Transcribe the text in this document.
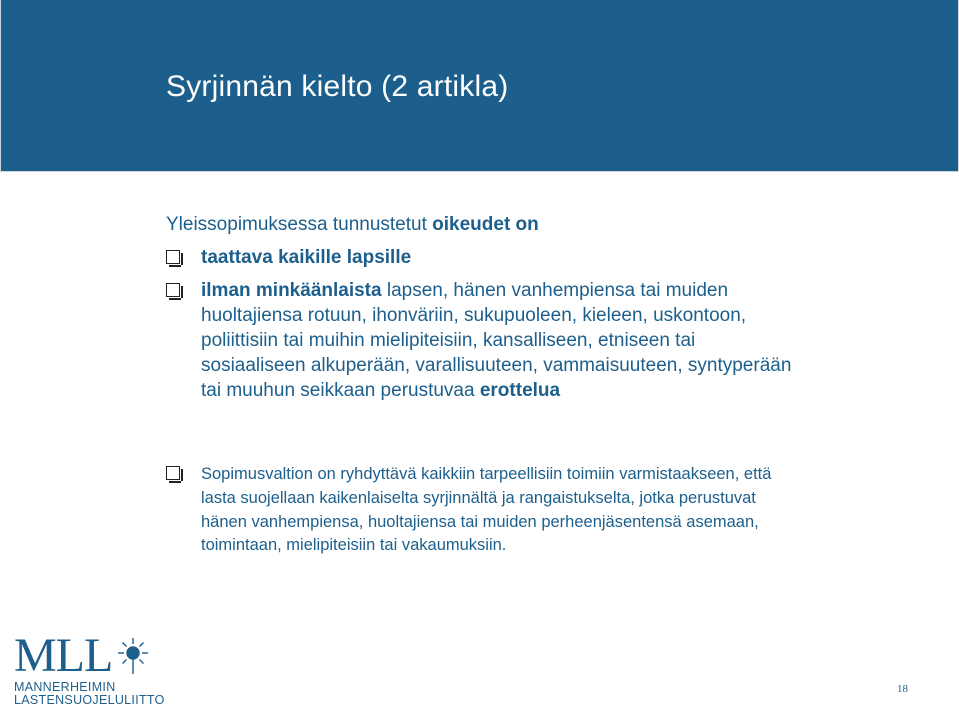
Syrjinnän kielto (2 artikla)
Yleissopimuksessa tunnustetut oikeudet on
taattava kaikille lapsille
ilman minkäänlaista lapsen, hänen vanhempiensa tai muiden huoltajiensa rotuun, ihonväriin, sukupuoleen, kieleen, uskontoon, poliittisiin tai muihin mielipiteisiin, kansalliseen, etniseen tai sosiaaliseen alkuperään, varallisuuteen, vammaisuuteen, syntyperään tai muuhun seikkaan perustuvaa erottelua
Sopimusvaltion on ryhdyttävä kaikkiin tarpeellisiin toimiin varmistaakseen, että lasta suojellaan kaikenlaiselta syrjinnältä ja rangaistukselta, jotka perustuvat hänen vanhempiensa, huoltajiensa tai muiden perheenjäsentensä asemaan, toimintaan, mielipiteisiin tai vakaumuksiin.
MLL
MANNERHEIMIN
LASTENSUOJELULIITTO
18
